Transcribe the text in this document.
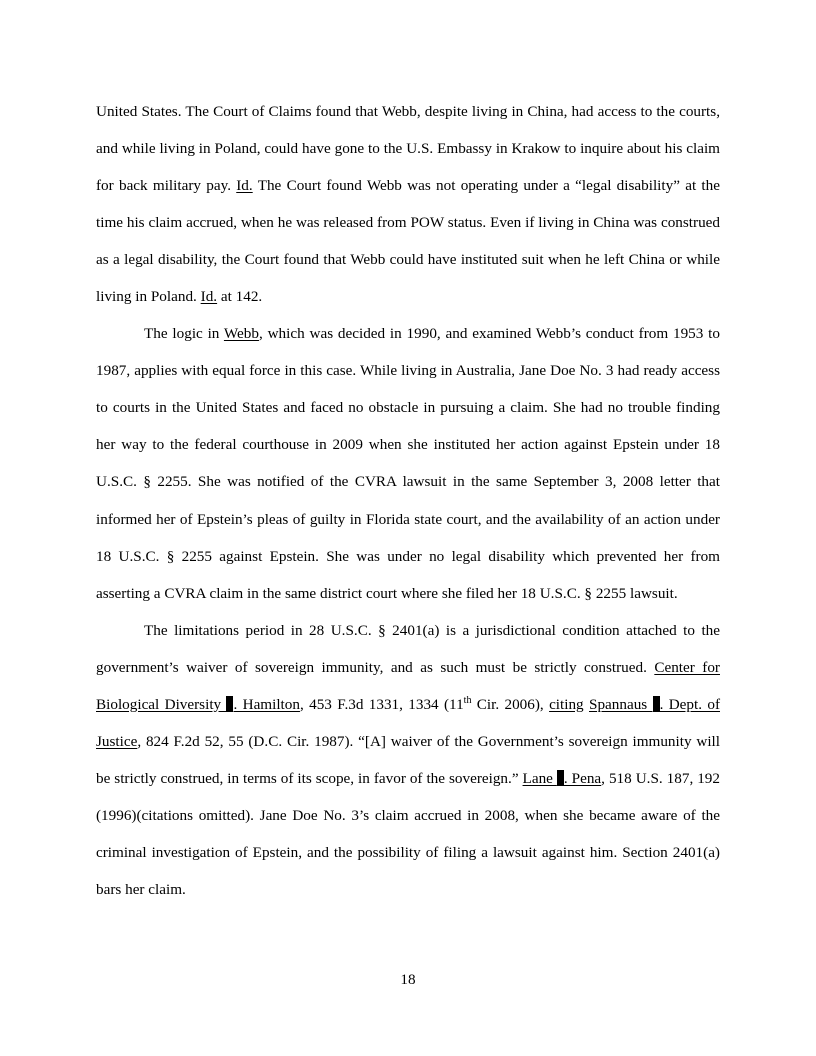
United States. The Court of Claims found that Webb, despite living in China, had access to the courts, and while living in Poland, could have gone to the U.S. Embassy in Krakow to inquire about his claim for back military pay. Id. The Court found Webb was not operating under a “legal disability” at the time his claim accrued, when he was released from POW status. Even if living in China was construed as a legal disability, the Court found that Webb could have instituted suit when he left China or while living in Poland. Id. at 142.

The logic in Webb, which was decided in 1990, and examined Webb’s conduct from 1953 to 1987, applies with equal force in this case. While living in Australia, Jane Doe No. 3 had ready access to courts in the United States and faced no obstacle in pursuing a claim. She had no trouble finding her way to the federal courthouse in 2009 when she instituted her action against Epstein under 18 U.S.C. § 2255. She was notified of the CVRA lawsuit in the same September 3, 2008 letter that informed her of Epstein’s pleas of guilty in Florida state court, and the availability of an action under 18 U.S.C. § 2255 against Epstein. She was under no legal disability which prevented her from asserting a CVRA claim in the same district court where she filed her 18 U.S.C. § 2255 lawsuit.

The limitations period in 28 U.S.C. § 2401(a) is a jurisdictional condition attached to the government’s waiver of sovereign immunity, and as such must be strictly construed. Center for Biological Diversity . Hamilton, 453 F.3d 1331, 1334 (11th Cir. 2006), citing Spannaus . Dept. of Justice, 824 F.2d 52, 55 (D.C. Cir. 1987). “[A] waiver of the Government’s sovereign immunity will be strictly construed, in terms of its scope, in favor of the sovereign.” Lane . Pena, 518 U.S. 187, 192 (1996)(citations omitted). Jane Doe No. 3’s claim accrued in 2008, when she became aware of the criminal investigation of Epstein, and the possibility of filing a lawsuit against him. Section 2401(a) bars her claim.

18
